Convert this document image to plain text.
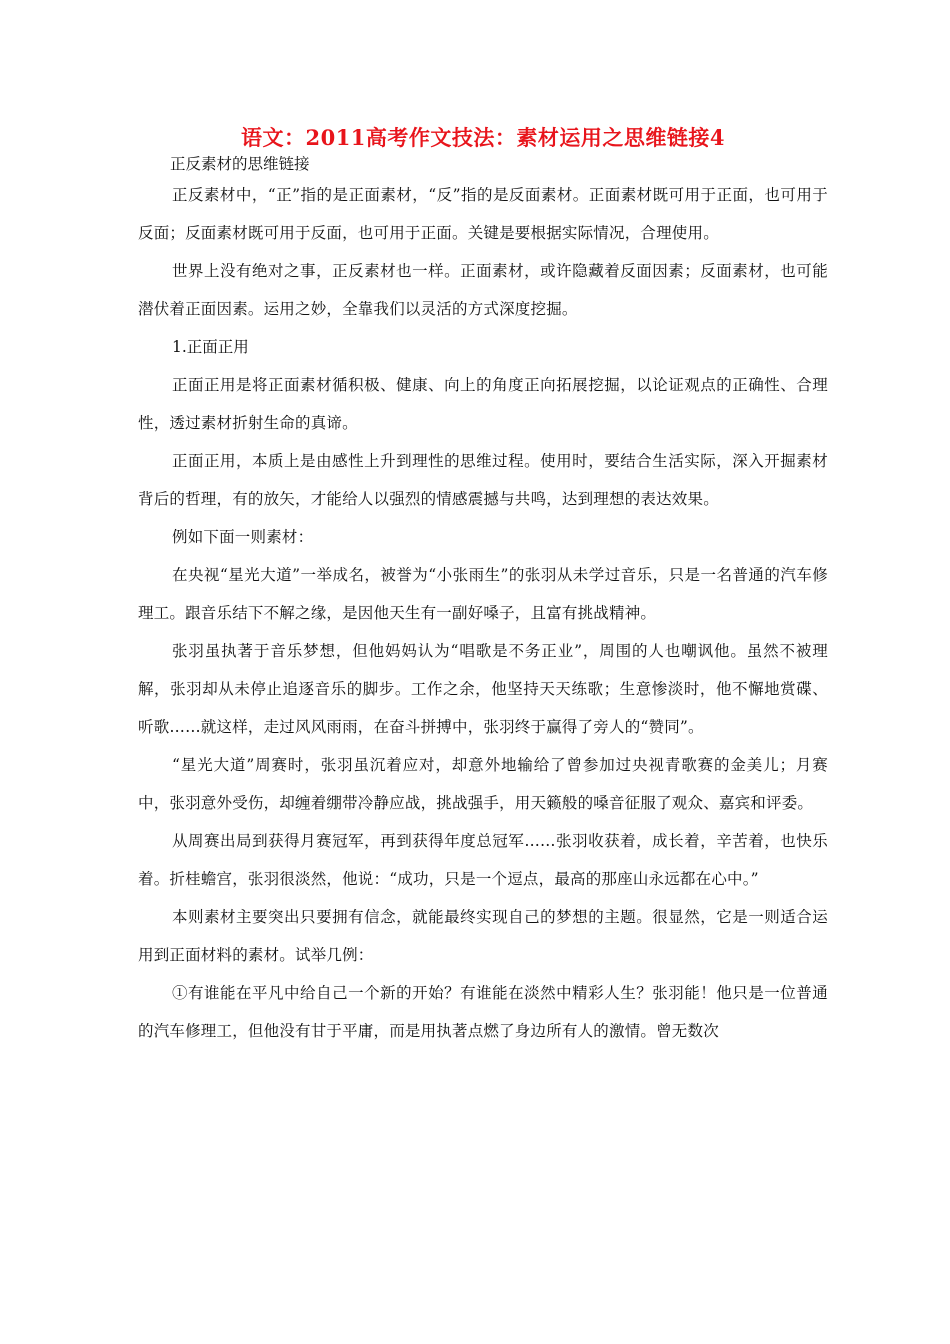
语文：2011高考作文技法：素材运用之思维链接4
正反素材的思维链接

正反素材中，“正”指的是正面素材，“反”指的是反面素材。正面素材既可用于正面，也可用于反面；反面素材既可用于反面，也可用于正面。关键是要根据实际情况，合理使用。

世界上没有绝对之事，正反素材也一样。正面素材，或许隐藏着反面因素；反面素材，也可能潜伏着正面因素。运用之妙，全靠我们以灵活的方式深度挖掘。

1.正面正用

正面正用是将正面素材循积极、健康、向上的角度正向拓展挖掘，以论证观点的正确性、合理性，透过素材折射生命的真谛。

正面正用，本质上是由感性上升到理性的思维过程。使用时，要结合生活实际，深入开掘素材背后的哲理，有的放矢，才能给人以强烈的情感震撼与共鸣，达到理想的表达效果。

例如下面一则素材：

在央视“星光大道”一举成名，被誉为“小张雨生”的张羽从未学过音乐，只是一名普通的汽车修理工。跟音乐结下不解之缘，是因他天生有一副好嗓子，且富有挑战精神。

张羽虽执著于音乐梦想，但他妈妈认为“唱歌是不务正业”，周围的人也嘲讽他。虽然不被理解，张羽却从未停止追逐音乐的脚步。工作之余，他坚持天天练歌；生意惨淡时，他不懈地赏碟、听歌……就这样，走过风风雨雨，在奋斗拼搏中，张羽终于赢得了旁人的“赞同”。

“星光大道”周赛时，张羽虽沉着应对，却意外地输给了曾参加过央视青歌赛的金美儿；月赛中，张羽意外受伤，却缠着绷带冷静应战，挑战强手，用天籁般的嗓音征服了观众、嘉宾和评委。

从周赛出局到获得月赛冠军，再到获得年度总冠军……张羽收获着，成长着，辛苦着，也快乐着。折桂蟾宫，张羽很淡然，他说：“成功，只是一个逗点，最高的那座山永远都在心中。”

本则素材主要突出只要拥有信念，就能最终实现自己的梦想的主题。很显然，它是一则适合运用到正面材料的素材。试举几例：

①有谁能在平凡中给自己一个新的开始？有谁能在淡然中精彩人生？张羽能！他只是一位普通的汽车修理工，但他没有甘于平庸，而是用执著点燃了身边所有人的激情。曾无数次
